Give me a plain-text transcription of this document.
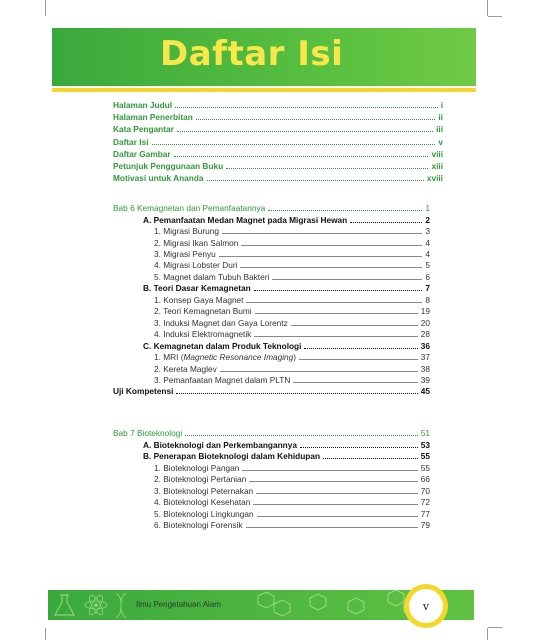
Daftar Isi
Halaman Judul	i
Halaman Penerbitan	ii
Kata Pengantar	iii
Daftar Isi	v
Daftar Gambar	viii
Petunjuk Penggunaan Buku	xiii
Motivasi untuk Ananda	xviii
Bab 6 Kemagnetan dan Pemanfaatannya	1
A. Pemanfaatan Medan Magnet pada Migrasi Hewan	2
1. Migrasi Burung	3
2. Migrasi Ikan Salmon	4
3. Migrasi Penyu	4
4. Migrasi Lobster Duri	5
5. Magnet dalam Tubuh Bakteri	6
B. Teori Dasar Kemagnetan	7
1. Konsep Gaya Magnet	8
2. Teori Kemagnetan Bumi	19
3. Induksi Magnet dan Gaya Lorentz	20
4. Induksi Elektromagnetik	28
C. Kemagnetan dalam Produk Teknologi	36
1. MRI (Magnetic Resonance Imaging)	37
2. Kereta Maglev	38
3. Pemanfaatan Magnet dalam PLTN	39
Uji Kompetensi	45
Bab 7 Bioteknologi	51
A. Bioteknologi dan Perkembangannya	53
B. Penerapan Bioteknologi dalam Kehidupan	55
1. Bioteknologi Pangan	55
2. Bioteknologi Pertanian	66
3. Bioteknologi Peternakan	70
4. Bioteknologi Kesehatan	72
5. Bioteknologi Lingkungan	77
6. Bioteknologi Forensik	79
Ilmu Pengetahuan Alam	v
